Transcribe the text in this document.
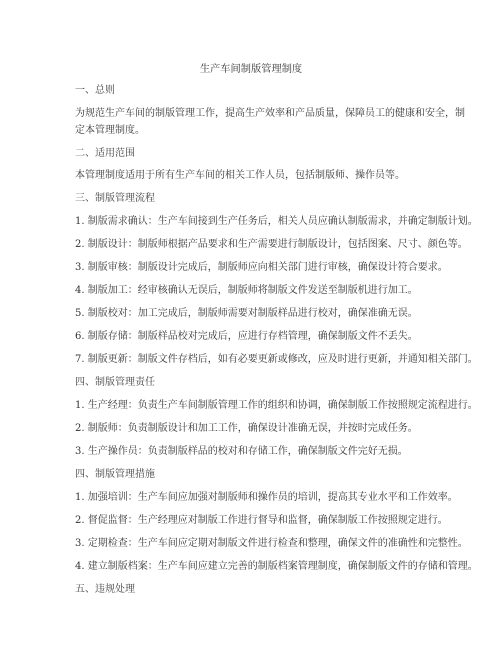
生产车间制版管理制度
一、总则
为规范生产车间的制版管理工作，提高生产效率和产品质量，保障员工的健康和安全，制
定本管理制度。
二、适用范围
本管理制度适用于所有生产车间的相关工作人员，包括制版师、操作员等。
三、制版管理流程
1. 制版需求确认：生产车间接到生产任务后，相关人员应确认制版需求，并确定制版计划。
2. 制版设计：制版师根据产品要求和生产需要进行制版设计，包括图案、尺寸、颜色等。
3. 制版审核：制版设计完成后，制版师应向相关部门进行审核，确保设计符合要求。
4. 制版加工：经审核确认无误后，制版师将制版文件发送至制版机进行加工。
5. 制版校对：加工完成后，制版师需要对制版样品进行校对，确保准确无误。
6. 制版存储：制版样品校对完成后，应进行存档管理，确保制版文件不丢失。
7. 制版更新：制版文件存档后，如有必要更新或修改，应及时进行更新，并通知相关部门。
四、制版管理责任
1. 生产经理：负责生产车间制版管理工作的组织和协调，确保制版工作按照规定流程进行。
2. 制版师：负责制版设计和加工工作，确保设计准确无误，并按时完成任务。
3. 生产操作员：负责制版样品的校对和存储工作，确保制版文件完好无损。
四、制版管理措施
1. 加强培训：生产车间应加强对制版师和操作员的培训，提高其专业水平和工作效率。
2. 督促监督：生产经理应对制版工作进行督导和监督，确保制版工作按照规定进行。
3. 定期检查：生产车间应定期对制版文件进行检查和整理，确保文件的准确性和完整性。
4. 建立制版档案：生产车间应建立完善的制版档案管理制度，确保制版文件的存储和管理。
五、违规处理
